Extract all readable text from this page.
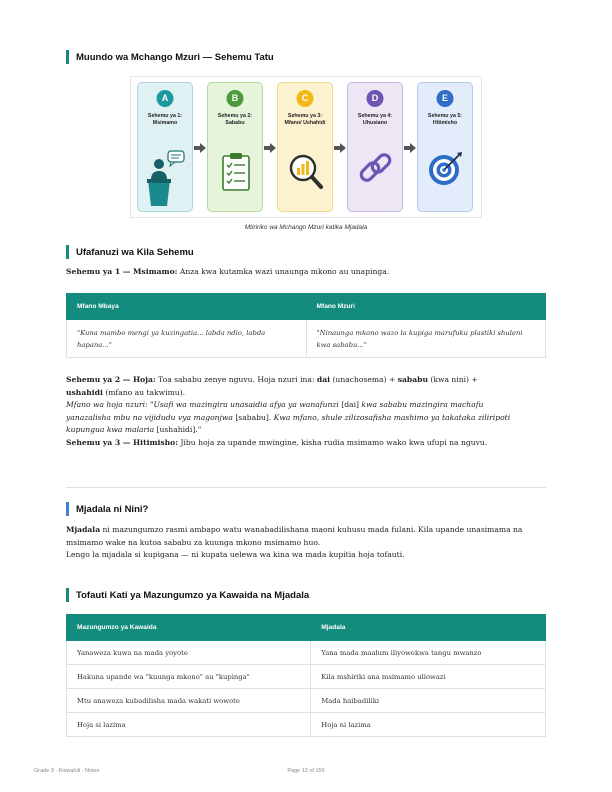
Muundo wa Mchango Mzuri — Sehemu Tatu
A
Sehemu ya 1:
Msimamo
B
Sehemu ya 2:
Sababu
C
Sehemu ya 3:
Mfano/ Ushahidi
D
Sehemu ya 4:
Uhusiano
E
Sehemu ya 5:
Hitimisho
Mtiririko wa Mchango Mzuri katika Mjadala
Ufafanuzi wa Kila Sehemu
Sehemu ya 1 — Msimamo: Anza kwa kutamka wazi unaunga mkono au unapinga.
Mfano Mbaya	Mfano Mzuri
"Kuna mambo mengi ya kuzingatia... labda ndio, labda hapana..."	"Ninaunga mkono wazo la kupiga marufuku plastiki shuleni kwa sababu..."
Sehemu ya 2 — Hoja: Toa sababu zenye nguvu. Hoja nzuri ina: dai (unachosema) + sababu (kwa nini) +
ushahidi (mfano au takwimu).
Mfano wa hoja nzuri: "Usafi wa mazingira unasaidia afya ya wanafunzi [dai] kwa sababu mazingira machafu
yanazalisha mbu na vijidudu vya magonjwa [sababu]. Kwa mfano, shule zilizosafisha mashimo ya takataka ziliripoti
kupungua kwa malaria [ushahidi]."
Sehemu ya 3 — Hitimisho: Jibu hoja za upande mwingine, kisha rudia msimamo wako kwa ufupi na nguvu.
Mjadala ni Nini?
Mjadala ni mazungumzo rasmi ambapo watu wanabadilishana maoni kuhusu mada fulani. Kila upande unasimama na
msimamo wake na kutoa sababu za kuunga mkono msimamo huo.
Lengo la mjadala si kupigana — ni kupata uelewa wa kina wa mada kupitia hoja tofauti.
Tofauti Kati ya Mazungumzo ya Kawaida na Mjadala
Mazungumzo ya Kawaida	Mjadala
Yanaweza kuwa na mada yoyote	Yana mada maalum iliyowekwa tangu mwanzo
Hakuna upande wa "kuunga mkono" au "kupinga"	Kila mshiriki ana msimamo uliowazi
Mtu anaweza kubadilisha mada wakati wowote	Mada haibadiliki
Hoja si lazima	Hoja ni lazima
Grade 9 · Kiswahili · Notes	Page 12 of 155
